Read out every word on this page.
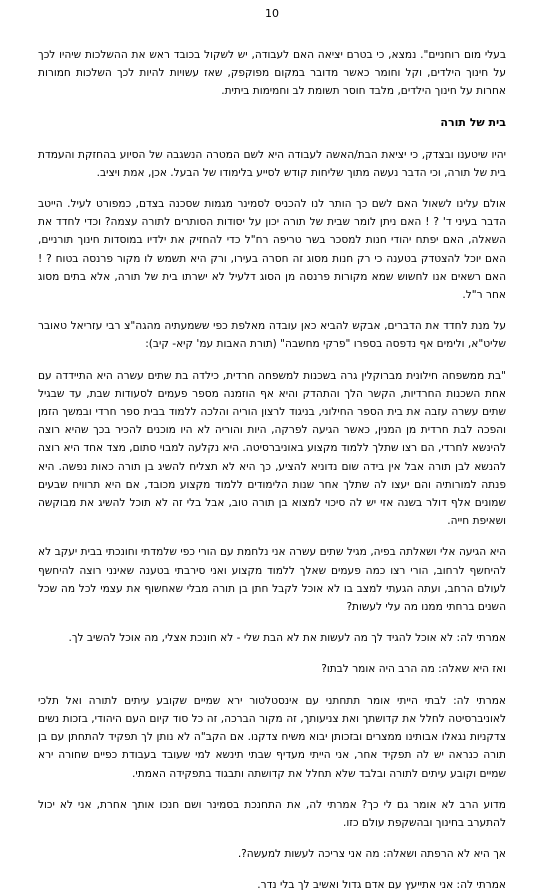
10

בעלי מום רוחניים". נמצא, כי בטרם יציאה האם לעבודה, יש לשקול בכובד ראש את ההשלכות שיהיו לכך על חינוך הילדים, וקל וחומר כאשר מדובר במקום מפוקפק, שאז עשויות להיות לכך השלכות חמורות אחרות על חינוך הילדים, מלבד חוסר תשומת לב וחמימות ביתית.

בית של תורה

יהיו שיטענו ובצדק, כי יציאת הבת/האשה לעבודה היא לשם המטרה הנשגבה של הסיוע בהחזקת והעמדת בית של תורה, וכי הדבר נעשה מתוך שליחות קודש לסייע בלימודו של הבעל. אכן, אמת ויציב.

אולם עלינו לשאול האם לשם כך הותר לנו להכניס לסמינר מגמות שסכנה בצדם, כמפורט לעיל. הייטב הדבר בעיני ד' ? ! האם ניתן לומר שבית של תורה יכון על יסודות הסותרים לתורה עצמה? וכדי לחדד את השאלה, האם יפתח יהודי חנות למסכר בשר טריפה רח"ל כדי להחזיק את ילדיו במוסדות חינוך תורניים, האם יוכל להצטדק בטענה כי רק חנות מסוג זה חסרה בעירו, ורק היא תשמש לו מקור פרנסה בטוח ? ! האם רשאים אנו לחשוש שמא מקורות פרנסה מן הסוג דלעיל לא ישרתו בית של תורה, אלא בתים מסוג אחר ר"ל.

על מנת לחדד את הדברים, אבקש להביא כאן עובדה מאלפת כפי ששמעתיה מהגה"צ רבי עזריאל טאובר שליט"א, ולימים אף נדפסה בספרו "פרקי מחשבה" (תורת האבות עמ' קיא- קיב):

"בת ממשפחה חילונית מברוקלין גרה בשכנות למשפחה חרדית, כילדה בת שתים עשרה היא התיידדה עם אחת השכנות החרדיות, הקשר הלך והתהדק והיא אף הוזמנה מספר פעמים לסעודות שבת, עד שבגיל שתים עשרה עזבה את בית הספר החילוני, בניגוד לרצון הוריה והלכה ללמוד בבית ספר חרדי ובמשך הזמן והפכה לבת חרדית מן המנין, כאשר הגיעה לפרקה, היות והוריה לא היו מוכנים להכיר בכך שהיא רוצה להינשא לחרדי, הם רצו שתלך ללמוד מקצוע באוניברסיטה. היא נקלעה למבוי סתום, מצד אחד היא רוצה להנשא לבן תורה אבל אין בידה שום נדוניא להציע, כך היא לא תצליח להשיג בן תורה כאות נפשה. היא פנתה למורותיה והם יעצו לה שתלך אחר שנות הלימודים ללמוד מקצוע מכובד, אם היא תרוויח שבעים שמונים אלף דולר בשנה אזי יש לה סיכוי למצוא בן תורה טוב, אבל בלי זה לא תוכל להשיג את מבוקשה ושאיפת חייה.

היא הגיעה אלי ושאלתה בפיה, מגיל שתים עשרה אני נלחמת עם הורי כפי שלמדתי וחונכתי בבית יעקב לא להיחשף לרחוב, הורי רצו כמה פעמים שאלך ללמוד מקצוע ואני סירבתי בטענה שאינני רוצה להיחשף לעולם הרחב, ועתה הגעתי למצב בו לא אוכל לקבל חתן בן תורה מבלי שאחשוף את עצמי לכל מה שכל השנים ברחתי ממנו מה עלי לעשות?

אמרתי לה: לא אוכל להגיד לך מה לעשות את לא הבת שלי - לא חונכת אצלי, מה אוכל להשיב לך.

ואז היא שאלה: מה הרב היה אומר לבתו?

אמרתי לה: לבתי הייתי אומר תתחתני עם אינסטלטור ירא שמיים שקובע עיתים לתורה ואל תלכי לאוניברסיטה לחלל את קדושתך ואת צניעותך, זה מקור הברכה, זה כל סוד קיום העם היהודי, בזכות נשים צדקניות נגאלו אבותינו ממצרים ובזכותן יבוא משיח צדקנו. אם הקב"ה לא נותן לך תפקיד להתחתן עם בן תורה כנראה יש לה תפקיד אחר, אני הייתי מעדיף שבתי תינשא למי שעובד בעבודת כפיים שחורה ירא שמיים וקובע עיתים לתורה ובלבד שלא תחלל את קדושתה ותבגוד בתפקידה האמתי.

מדוע הרב לא אומר גם לי כך? אמרתי לה, את התחנכת בסמינר ושם חנכו אותך אחרת, אני לא יכול להתערב בחינוך ובהשקפת עולם כזו.

אך היא לא הרפתה ושאלה: מה אני צריכה לעשות למעשה?.

אמרתי לה: אני אתייעץ עם אדם גדול ואשיב לך בלי נדר.
